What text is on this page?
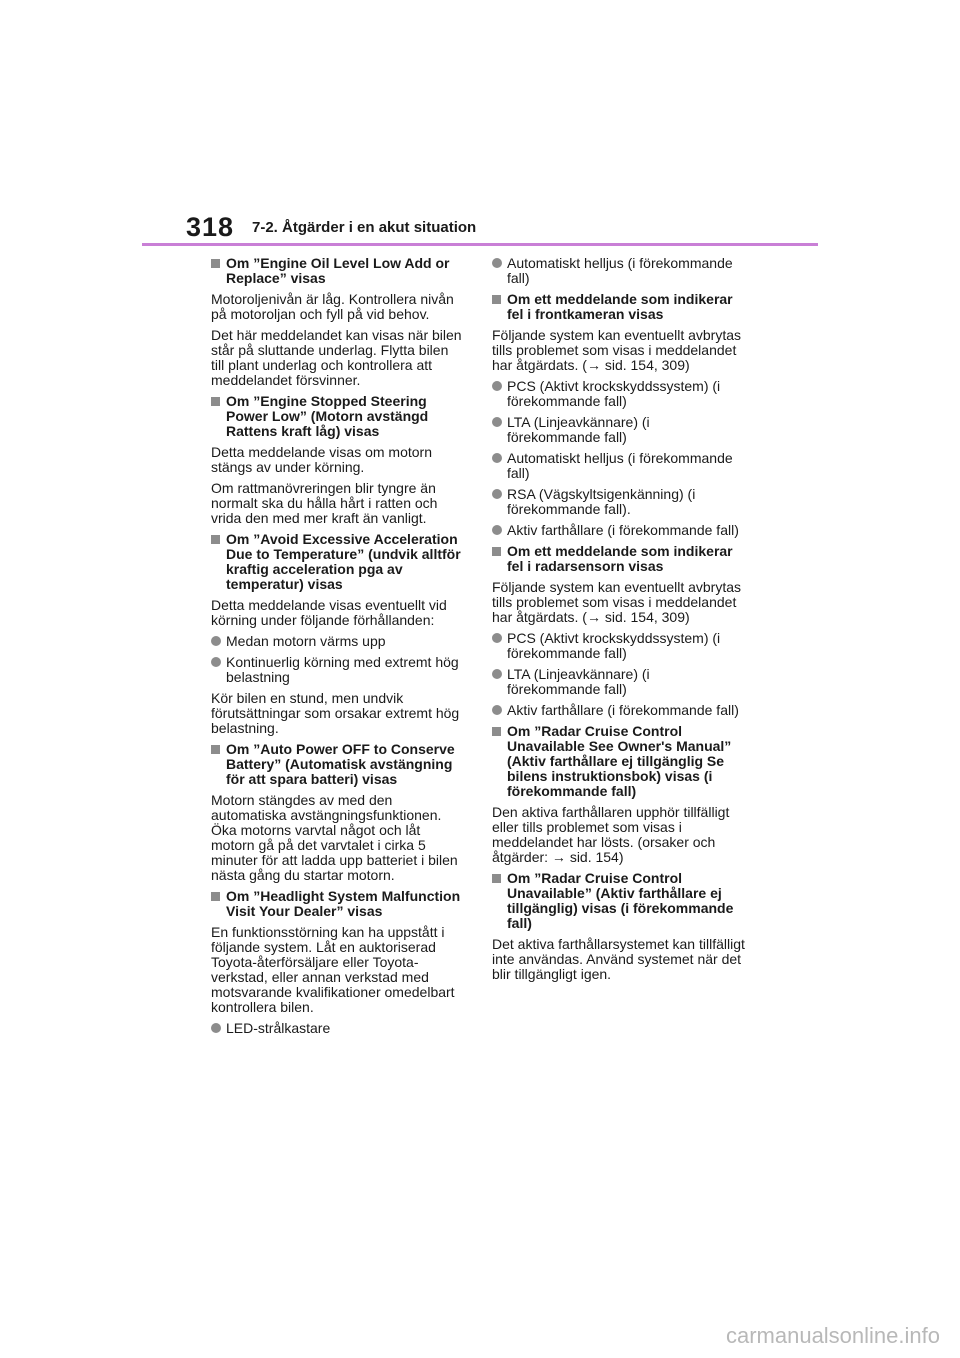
318 7-2. Åtgärder i en akut situation
Om ”Engine Oil Level Low Add or Replace” visas
Motoroljenivån är låg. Kontrollera nivån på motoroljan och fyll på vid behov.
Det här meddelandet kan visas när bilen står på sluttande underlag. Flytta bilen till plant underlag och kontrollera att meddelandet försvinner.
Om ”Engine Stopped Steering Power Low” (Motorn avstängd Rattens kraft låg) visas
Detta meddelande visas om motorn stängs av under körning.
Om rattmanövreringen blir tyngre än normalt ska du hålla hårt i ratten och vrida den med mer kraft än vanligt.
Om ”Avoid Excessive Acceleration Due to Temperature” (undvik alltför kraftig acceleration pga av temperatur) visas
Detta meddelande visas eventuellt vid körning under följande förhållanden:
Medan motorn värms upp
Kontinuerlig körning med extremt hög belastning
Kör bilen en stund, men undvik förutsättningar som orsakar extremt hög belastning.
Om ”Auto Power OFF to Conserve Battery” (Automatisk avstängning för att spara batteri) visas
Motorn stängdes av med den automatiska avstängningsfunktionen. Öka motorns varvtal något och låt motorn gå på det varvtalet i cirka 5 minuter för att ladda upp batteriet i bilen nästa gång du startar motorn.
Om ”Headlight System Malfunction Visit Your Dealer” visas
En funktionsstörning kan ha uppstått i följande system. Låt en auktoriserad Toyota-återförsäljare eller Toyota-verkstad, eller annan verkstad med motsvarande kvalifikationer omedelbart kontrollera bilen.
LED-strålkastare
Automatiskt helljus (i förekommande fall)
Om ett meddelande som indikerar fel i frontkameran visas
Följande system kan eventuellt avbrytas tills problemet som visas i meddelandet har åtgärdats. (→ sid. 154, 309)
PCS (Aktivt krockskyddssystem) (i förekommande fall)
LTA (Linjeavkännare) (i förekommande fall)
Automatiskt helljus (i förekommande fall)
RSA (Vägskyltsigenkänning) (i förekommande fall).
Aktiv farthållare (i förekommande fall)
Om ett meddelande som indikerar fel i radarsensorn visas
Följande system kan eventuellt avbrytas tills problemet som visas i meddelandet har åtgärdats. (→ sid. 154, 309)
PCS (Aktivt krockskyddssystem) (i förekommande fall)
LTA (Linjeavkännare) (i förekommande fall)
Aktiv farthållare (i förekommande fall)
Om ”Radar Cruise Control Unavailable See Owner's Manual” (Aktiv farthållare ej tillgänglig Se bilens instruktionsbok) visas (i förekommande fall)
Den aktiva farthållaren upphör tillfälligt eller tills problemet som visas i meddelandet har lösts. (orsaker och åtgärder: → sid. 154)
Om ”Radar Cruise Control Unavailable” (Aktiv farthållare ej tillgänglig) visas (i förekommande fall)
Det aktiva farthållarsystemet kan tillfälligt inte användas. Använd systemet när det blir tillgängligt igen.
carmanualsonline.info
